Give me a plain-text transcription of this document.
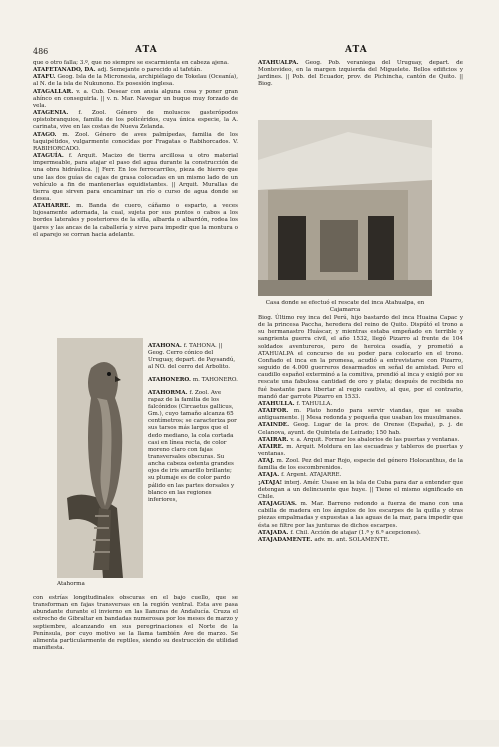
486	ATA	ATA

que o otro falla; 3.º, que no siempre se escarmienta en cabeza ajena.

ATAFETANADO, DA. adj. Semejante o parecido al tafetán.

ATAFU. Geog. Isla de la Micronesia, archipiélago de Tokelau (Oceanía), al N. de la isla de Nukunono. Es posesión inglesa.

ATAGALLAR. v. a. Cub. Desear con ansia alguna cosa y poner gran ahínco en conseguirla. || v. n. Mar. Navegar un buque muy forzado de vela.

ATAGENIA. f. Zool. Género de moluscos gasterópodos opistobranquios, familia de los policéridos, cuya única especie, la A. carinata, vive en las costas de Nueva Zelanda.

ATAGO. m. Zool. Género de aves palmípedas, familia de los taquipétidos, vulgarmente conocidas por Fragatas o Rabihorcados. V. RABIHORCADO.

ATAGUÍA. f. Arquit. Macizo de tierra arcillosa u otro material impermeable, para atajar el paso del agua durante la construcción de una obra hidráulica. || Ferr. En los ferrocarriles, pieza de hierro que une las dos guías de cajas de grasa colocadas en un mismo lado de un vehículo a fin de mantenerlas equidistantes. || Arquit. Murallas de tierra que sirven para encaminar un río o curso de agua donde se desea.

ATAHARRE. m. Banda de cuero, cáñamo o esparto, a veces lujosamente adornada, la cual, sujeta por sus puntos o cabos a los bordes laterales y posteriores de la silla, albarda o albardón, rodea los ijares y las ancas de la caballería y sirve para impedir que la montura o el aparejo se corran hacia adelante.

Atahorma

ATAHONA. f. TAHONA. || Geog. Cerro cónico del Uruguay, depart. de Paysandú, al NO. del cerro del Arbolito.

ATAHONERO. m. TAHONERO.

ATAHORMA. f. Zool. Ave rapaz de la familia de los falcónidos (Circaetus gallicus, Gm.), cuyo tamaño alcanza 65 centímetros; se caracteriza por sus tarsos más largos que el dedo mediano, la cola cortada casi en línea recta, de color moreno claro con fajas transversales obscuras. Su ancha cabeza ostenta grandes ojos de iris amarillo brillante; su plumaje es de color pardo pálido en las partes dorsales y blanco en las regiones inferiores,

con estrías longitudinales obscuras en el bajo cuello, que se transforman en fajas transversas en la región ventral. Esta ave pasa abundante durante el invierno en las llanuras de Andalucía. Cruza el estrecho de Gibraltar en bandadas numerosas por los meses de marzo y septiembre, alcanzando en sus peregrinaciones el Norte de la Península, por cuyo motivo se la llama también Ave de marzo. Se alimenta particularmente de reptiles, siendo su destrucción de utilidad manifiesta.

ATAHUALPA. Geog. Pob. veraniega del Uruguay, depart. de Montevideo, en la margen izquierda del Miguelete. Bellos edificios y jardines. || Pob. del Ecuador, prov. de Pichincha, cantón de Quito. || Biog.

Casa donde se efectuó el rescate del inca Atahualpa, en Cajamarca

Biog. Último rey inca del Perú, hijo bastardo del inca Huaina Capac y de la princesa Paccha, heredera del reino de Quito. Dispútó el trono a su hermanastro Huáscar, y mientras estaba empeñado en terrible y sangrienta guerra civil, el año 1532, llegó Pizarro al frente de 104 soldados aventureros, pero de heroica osadía, y prometió a ATAHUALPA el concurso de su poder para colocarlo en el trono. Confiado el inca en la promesa, acudió a entrevistarse con Pizarro, seguido de 4.000 guerreros desarmados en señal de amistad. Pero el caudillo español exterminó a la comitiva, prendió al inca y exigió por su rescate una fabulosa cantidad de oro y plata; después de recibida no fué bastante para libertar al regio cautivo, al que, por el contrario, mandó dar garrote Pizarro en 1533.

ATAHULLA. f. TAHULLA.

ATAIFOR. m. Plato hondo para servir viandas, que se usaba antiguamente. || Mesa redonda y pequeña que usaban los musulmanes.

ATAINDE. Geog. Lugar de la prov. de Orense (España), p. j. de Celanova, ayunt. de Quintela de Leirado; 150 hab.

ATAIRAR. v. a. Arquit. Formar los abalorios de las puertas y ventanas.

ATAIRE. m. Arquit. Moldura en las escuadras y tableros de puertas y ventanas.

ATAJ. m. Zool. Pez del mar Rojo, especie del género Holocanthus, de la familia de los escombrenidos.

ATAJA. f. Argent. ATAJARRE.

¡ATAJA! interj. Amér. Usase en la isla de Cuba para dar a entender que detengan a un delincuente que huye. || Tiene el mismo significado en Chile.

ATAJAGUAS. m. Mar. Barreno redondo a fuerza de mano con una cabilla de madera en los ángulos de los escarpes de la quilla y otras piezas empalmadas y expuestas a las aguas de la mar, para impedir que ésta se filtre por las junturas de dichos escarpes.

ATAJADA. f. Chil. Acción de atajar (1.ª y 6.ª acepciones).

ATAJADAMENTE. adv. m. ant. SOLAMENTE.
